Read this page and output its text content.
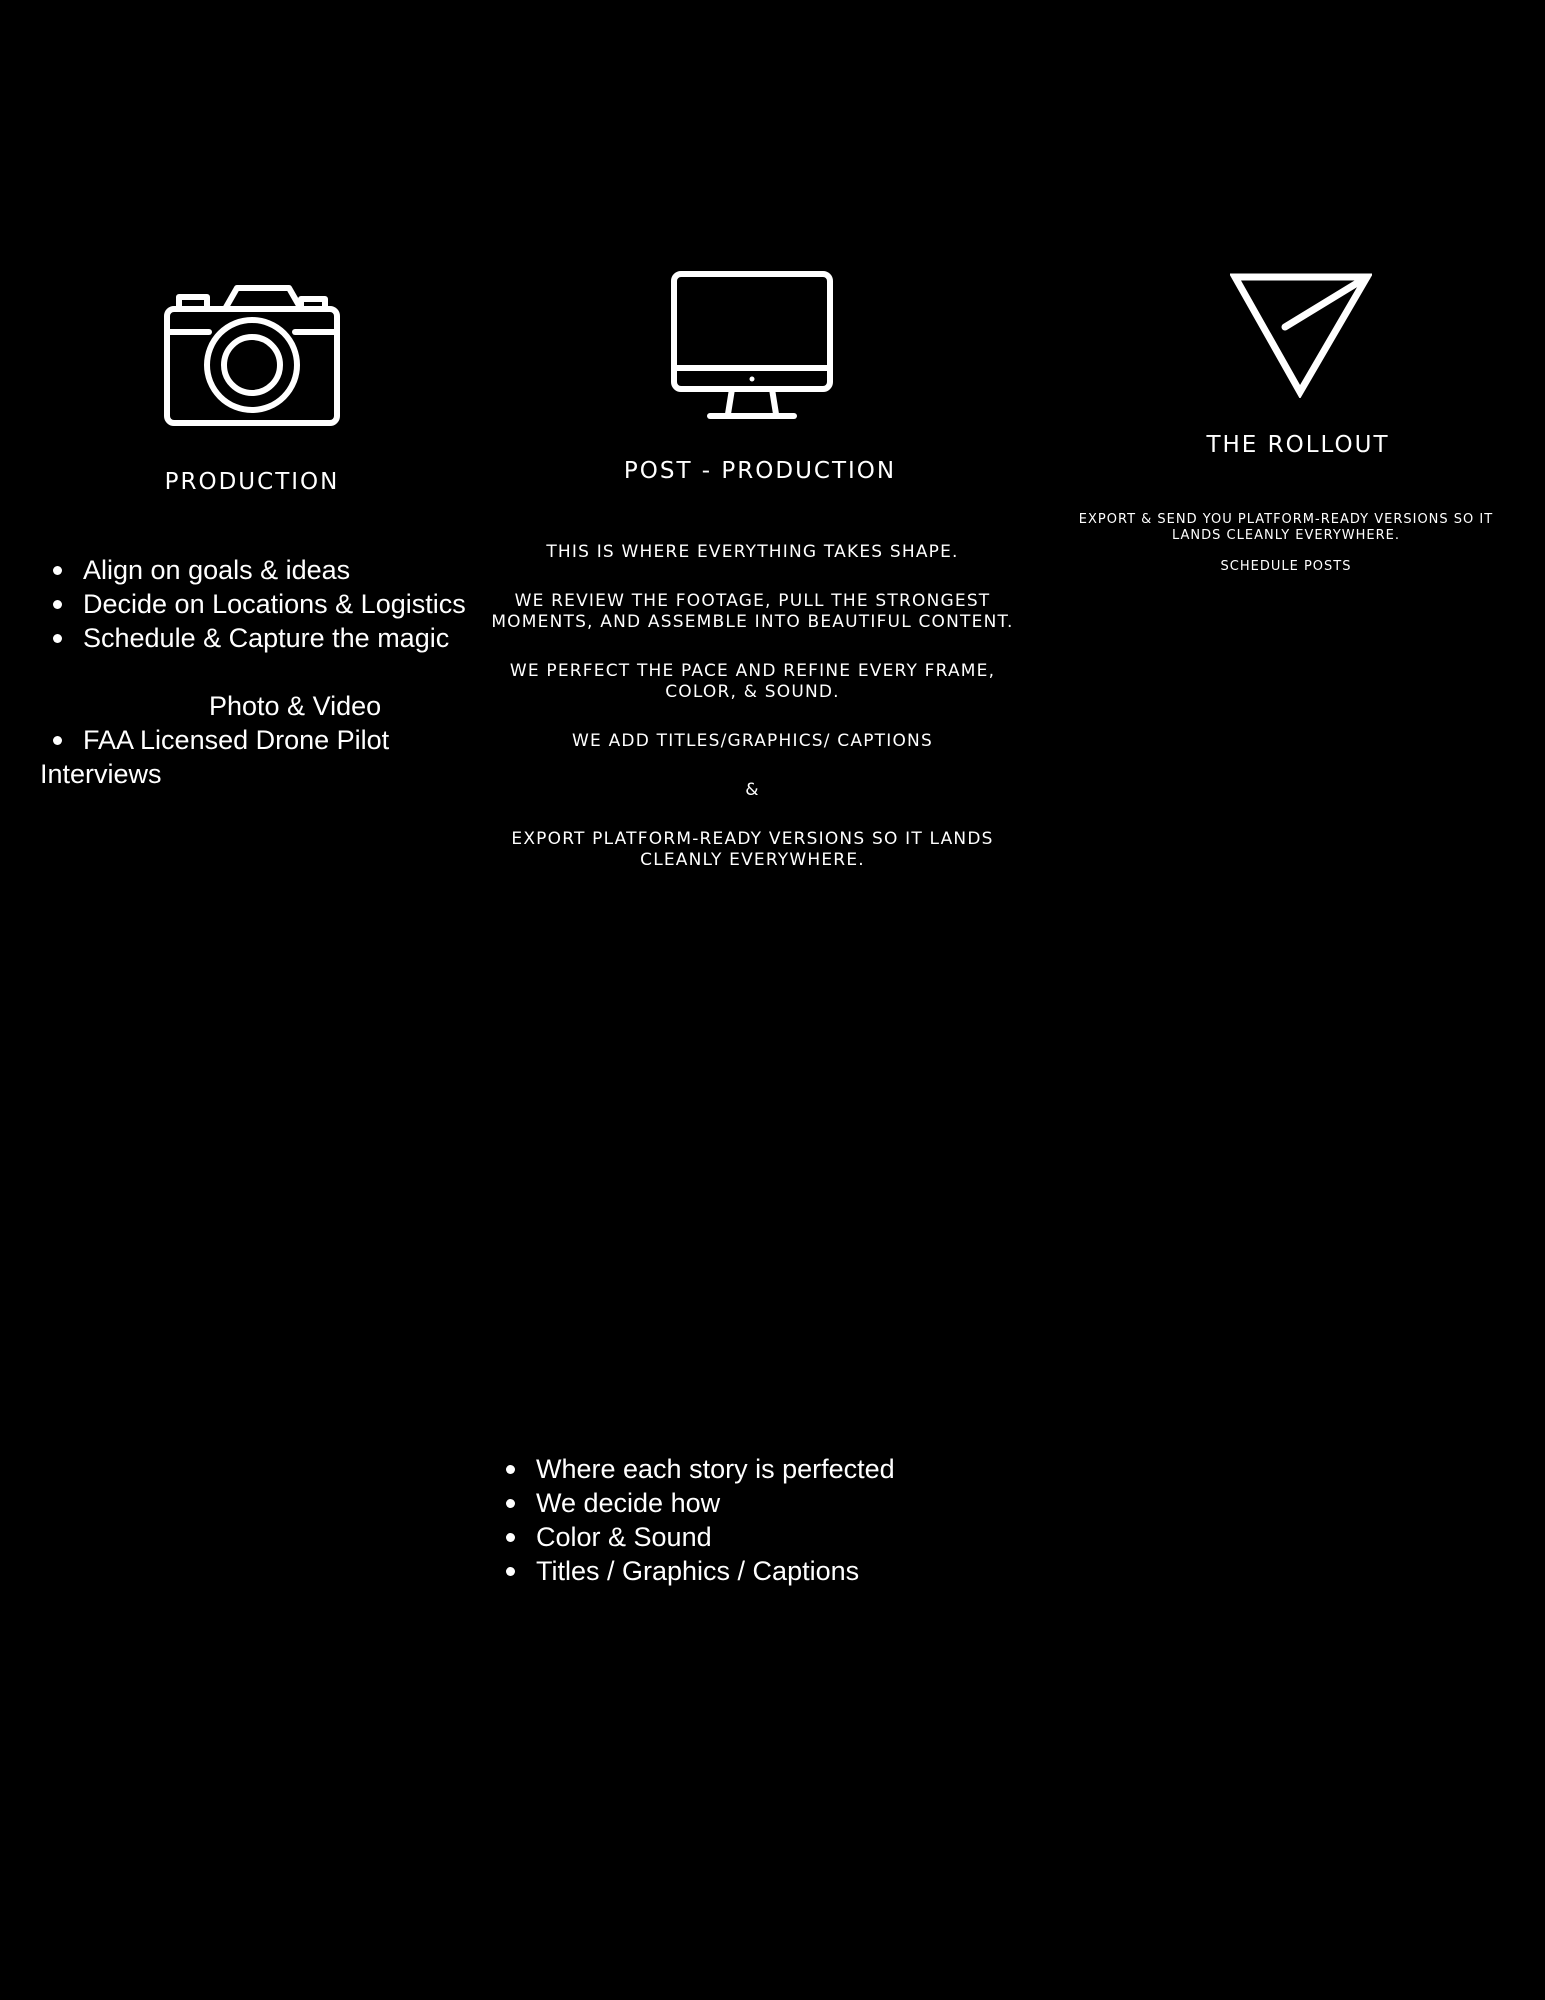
PRODUCTION
Align on goals & ideas
Decide on Locations & Logistics
Schedule & Capture the magic
Photo & Video
FAA Licensed Drone Pilot
Interviews
POST - PRODUCTION

THIS IS WHERE EVERYTHING TAKES SHAPE.

WE REVIEW THE FOOTAGE, PULL THE STRONGEST MOMENTS, AND ASSEMBLE INTO BEAUTIFUL CONTENT.

WE PERFECT THE PACE AND REFINE EVERY FRAME, COLOR, & SOUND.

WE ADD TITLES/GRAPHICS/ CAPTIONS

&

EXPORT PLATFORM-READY VERSIONS SO IT LANDS CLEANLY EVERYWHERE.

Where each story is perfected
We decide how
Color & Sound
Titles / Graphics / Captions
THE ROLLOUT

EXPORT & SEND YOU PLATFORM-READY VERSIONS SO IT LANDS CLEANLY EVERYWHERE.

SCHEDULE POSTS
